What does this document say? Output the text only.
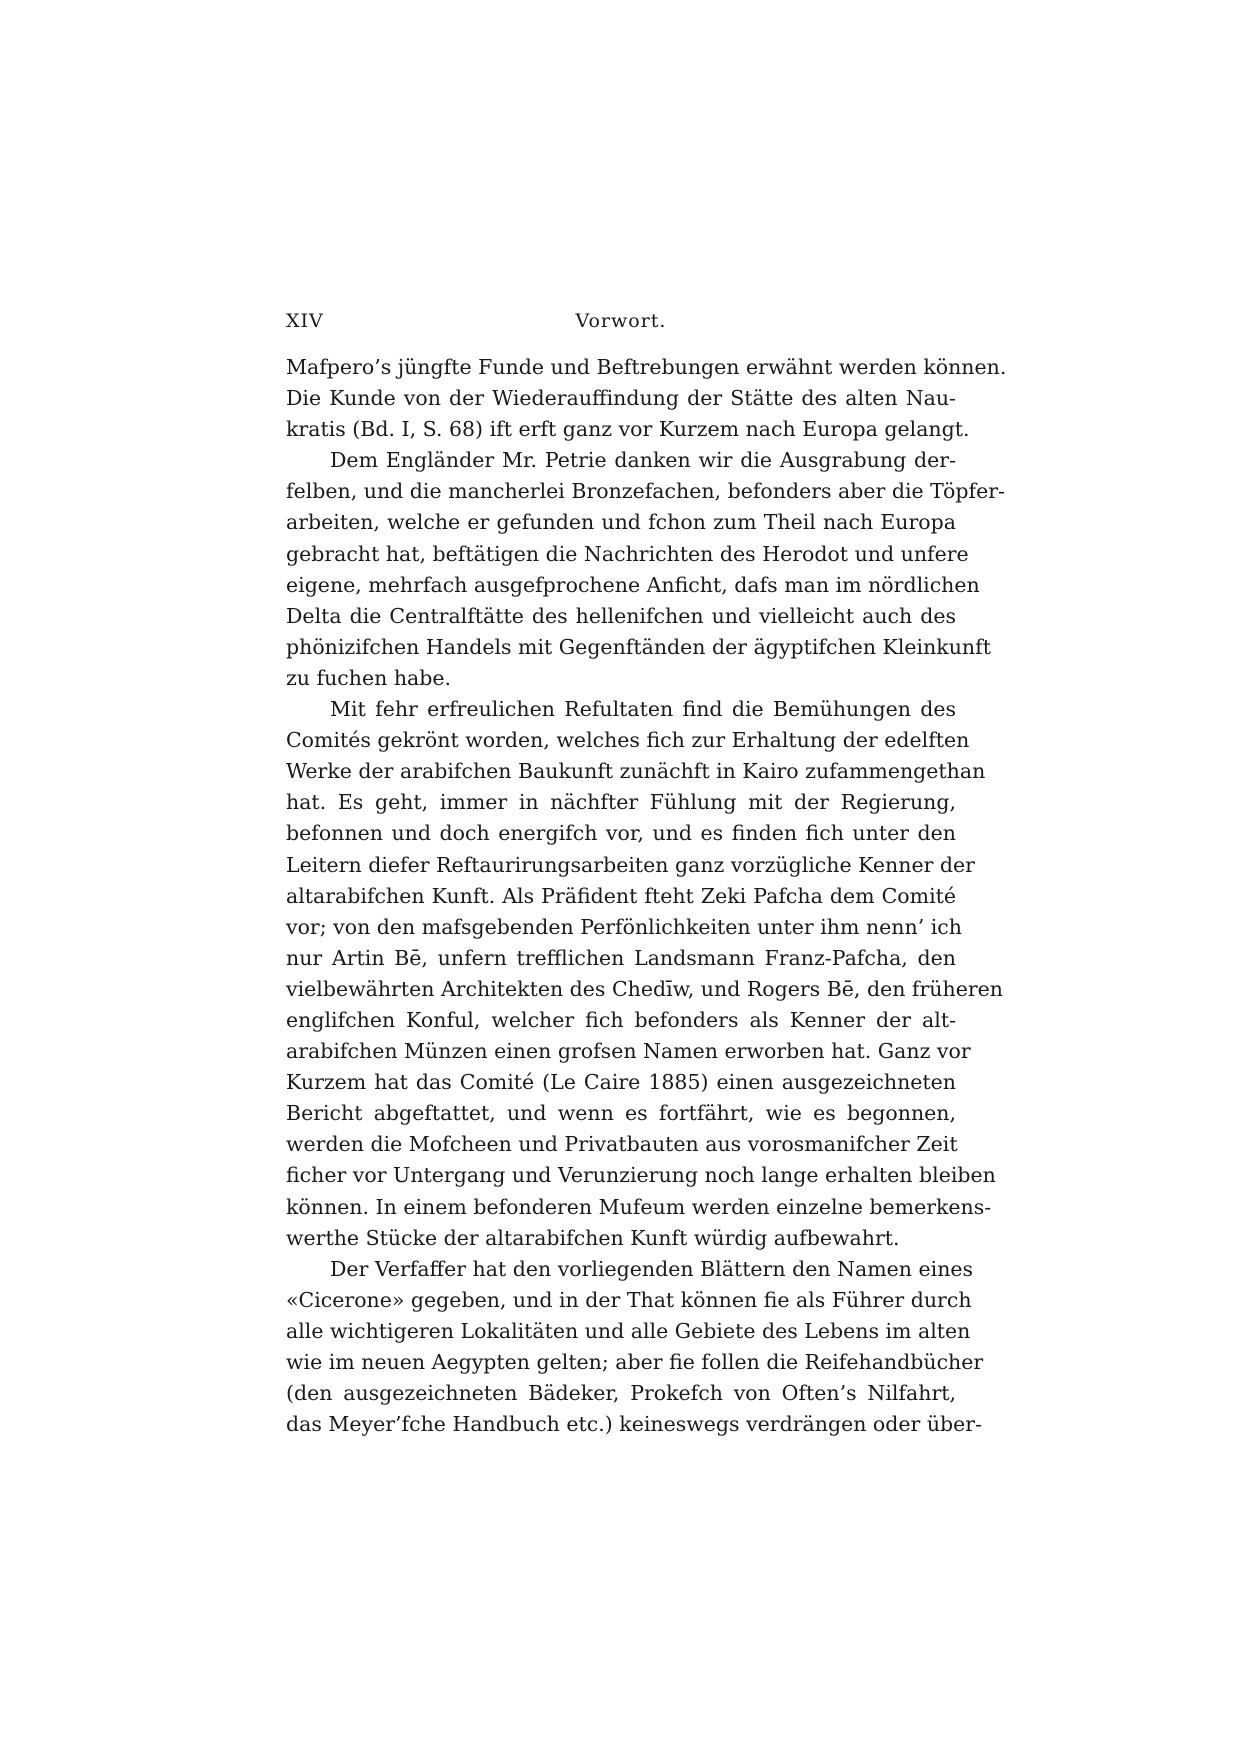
XIV	Vorwort.
Mafpero’s jüngfte Funde und Beftrebungen erwähnt werden können.
Die Kunde von der Wiederauffindung der Stätte des alten Nau-
kratis (Bd. I, S. 68) ift erft ganz vor Kurzem nach Europa gelangt.
Dem Engländer Mr. Petrie danken wir die Ausgrabung der-
felben, und die mancherlei Bronzefachen, befonders aber die Töpfer-
arbeiten, welche er gefunden und fchon zum Theil nach Europa
gebracht hat, beftätigen die Nachrichten des Herodot und unfere
eigene, mehrfach ausgefprochene Anficht, dafs man im nördlichen
Delta die Centralftätte des hellenifchen und vielleicht auch des
phönizifchen Handels mit Gegenftänden der ägyptifchen Kleinkunft
zu fuchen habe.
Mit fehr erfreulichen Refultaten find die Bemühungen des
Comités gekrönt worden, welches fich zur Erhaltung der edelften
Werke der arabifchen Baukunft zunächft in Kairo zufammengethan
hat. Es geht, immer in nächfter Fühlung mit der Regierung,
befonnen und doch energifch vor, und es finden fich unter den
Leitern diefer Reftaurirungsarbeiten ganz vorzügliche Kenner der
altarabifchen Kunft. Als Präfident fteht Zeki Pafcha dem Comité
vor; von den mafsgebenden Perfönlichkeiten unter ihm nenn’ ich
nur Artin Bē, unfern trefflichen Landsmann Franz-Pafcha, den
vielbewährten Architekten des Chedīw, und Rogers Bē, den früheren
englifchen Konful, welcher fich befonders als Kenner der alt-
arabifchen Münzen einen grofsen Namen erworben hat. Ganz vor
Kurzem hat das Comité (Le Caire 1885) einen ausgezeichneten
Bericht abgeftattet, und wenn es fortfährt, wie es begonnen,
werden die Mofcheen und Privatbauten aus vorosmanifcher Zeit
ficher vor Untergang und Verunzierung noch lange erhalten bleiben
können. In einem befonderen Mufeum werden einzelne bemerkens-
werthe Stücke der altarabifchen Kunft würdig aufbewahrt.
Der Verfaffer hat den vorliegenden Blättern den Namen eines
«Cicerone» gegeben, und in der That können fie als Führer durch
alle wichtigeren Lokalitäten und alle Gebiete des Lebens im alten
wie im neuen Aegypten gelten; aber fie follen die Reifehandbücher
(den ausgezeichneten Bädeker, Prokefch von Often’s Nilfahrt,
das Meyer’fche Handbuch etc.) keineswegs verdrängen oder über-
